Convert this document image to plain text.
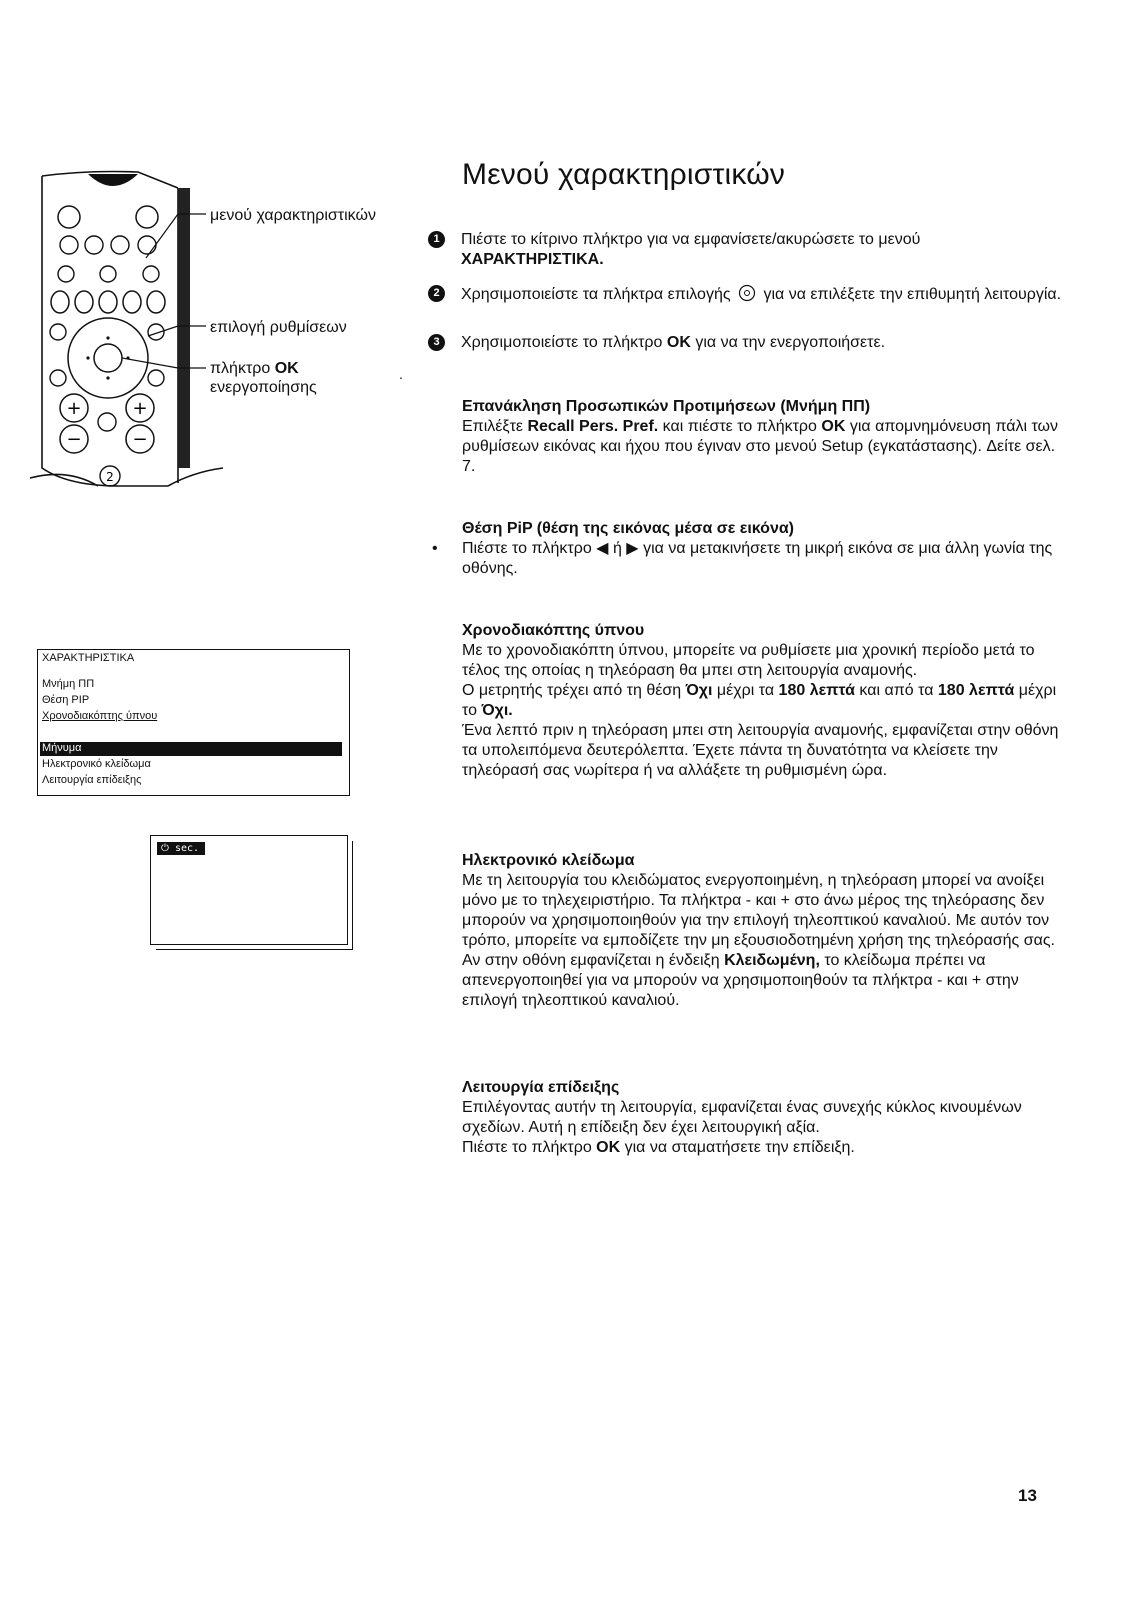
Μενού χαρακτηριστικών
+	+
−	−
2
μενού χαρακτηριστικών
επιλογή ρυθμίσεων
πλήκτρο ΟΚ
ενεργοποίησης
.
1	Πιέστε το κίτρινο πλήκτρο για να εμφανίσετε/ακυρώσετε το μενού
ΧΑΡΑΚΤΗΡΙΣΤΙΚΑ.
2	Χρησιμοποιείστε τα πλήκτρα επιλογής για να επιλέξετε την επιθυμητή λειτουργία.
3	Χρησιμοποιείστε το πλήκτρο ΟΚ για να την ενεργοποιήσετε.
Επανάκληση Προσωπικών Προτιμήσεων (Μνήμη ΠΠ)
Επιλέξτε Recall Pers. Pref. και πιέστε το πλήκτρο OK για απομνημόνευση πάλι των ρυθμίσεων εικόνας και ήχου που έγιναν στο μενού Setup (εγκατάστασης). Δείτε σελ. 7.
Θέση PiP (θέση της εικόνας μέσα σε εικόνα)
• Πιέστε το πλήκτρο ◀ ή ▶ για να μετακινήσετε τη μικρή εικόνα σε μια άλλη γωνία της οθόνης.
Χρονοδιακόπτης ύπνου
Με το χρονοδιακόπτη ύπνου, μπορείτε να ρυθμίσετε μια χρονική περίοδο μετά το τέλος της οποίας η τηλεόραση θα μπει στη λειτουργία αναμονής.
Ο μετρητής τρέχει από τη θέση Όχι μέχρι τα 180 λεπτά και από τα 180 λεπτά μέχρι το Όχι.
Ένα λεπτό πριν η τηλεόραση μπει στη λειτουργία αναμονής, εμφανίζεται στην οθόνη τα υπολειπόμενα δευτερόλεπτα. Έχετε πάντα τη δυνατότητα να κλείσετε την τηλεόρασή σας νωρίτερα ή να αλλάξετε τη ρυθμισμένη ώρα.
Ηλεκτρονικό κλείδωμα
Με τη λειτουργία του κλειδώματος ενεργοποιημένη, η τηλεόραση μπορεί να ανοίξει μόνο με το τηλεχειριστήριο. Τα πλήκτρα - και + στο άνω μέρος της τηλεόρασης δεν μπορούν να χρησιμοποιηθούν για την επιλογή τηλεοπτικού καναλιού. Με αυτόν τον τρόπο, μπορείτε να εμποδίζετε την μη εξουσιοδοτημένη χρήση της τηλεόρασής σας.
Αν στην οθόνη εμφανίζεται η ένδειξη Κλειδωμένη, το κλείδωμα πρέπει να απενεργοποιηθεί για να μπορούν να χρησιμοποιηθούν τα πλήκτρα - και + στην επιλογή τηλεοπτικού καναλιού.
Λειτουργία επίδειξης
Επιλέγοντας αυτήν τη λειτουργία, εμφανίζεται ένας συνεχής κύκλος κινουμένων σχεδίων. Αυτή η επίδειξη δεν έχει λειτουργική αξία.
Πιέστε το πλήκτρο OK για να σταματήσετε την επίδειξη.
ΧΑΡΑΚΤΗΡΙΣΤΙΚΑ
Μνήμη ΠΠ
Θέση PIP
Χρονοδιακόπτης ύπνου
Μήνυμα
Ηλεκτρονικό κλείδωμα
Λειτουργία επίδειξης
⏻ sec.
13
